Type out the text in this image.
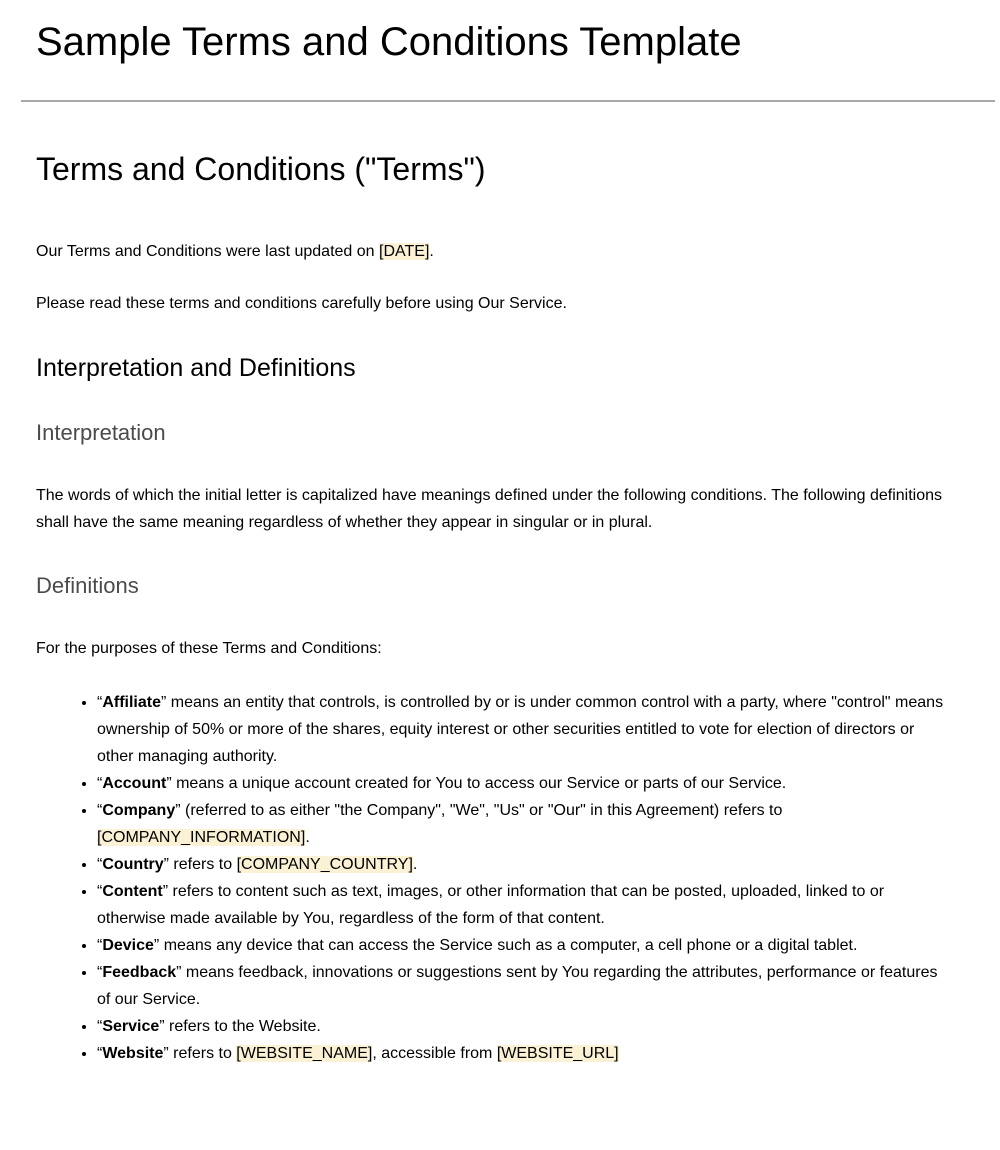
Sample Terms and Conditions Template
Terms and Conditions ("Terms")

Our Terms and Conditions were last updated on [DATE].

Please read these terms and conditions carefully before using Our Service.

Interpretation and Definitions
Interpretation

The words of which the initial letter is capitalized have meanings defined under the following conditions. The following definitions shall have the same meaning regardless of whether they appear in singular or in plural.

Definitions

For the purposes of these Terms and Conditions:

• “Affiliate” means an entity that controls, is controlled by or is under common control with a party, where "control" means ownership of 50% or more of the shares, equity interest or other securities entitled to vote for election of directors or other managing authority.
• “Account” means a unique account created for You to access our Service or parts of our Service.
• “Company” (referred to as either "the Company", "We", "Us" or "Our" in this Agreement) refers to [COMPANY_INFORMATION].
• “Country” refers to [COMPANY_COUNTRY].
• “Content” refers to content such as text, images, or other information that can be posted, uploaded, linked to or otherwise made available by You, regardless of the form of that content.
• “Device” means any device that can access the Service such as a computer, a cell phone or a digital tablet.
• “Feedback” means feedback, innovations or suggestions sent by You regarding the attributes, performance or features of our Service.
• “Service” refers to the Website.
• “Website” refers to [WEBSITE_NAME], accessible from [WEBSITE_URL]
